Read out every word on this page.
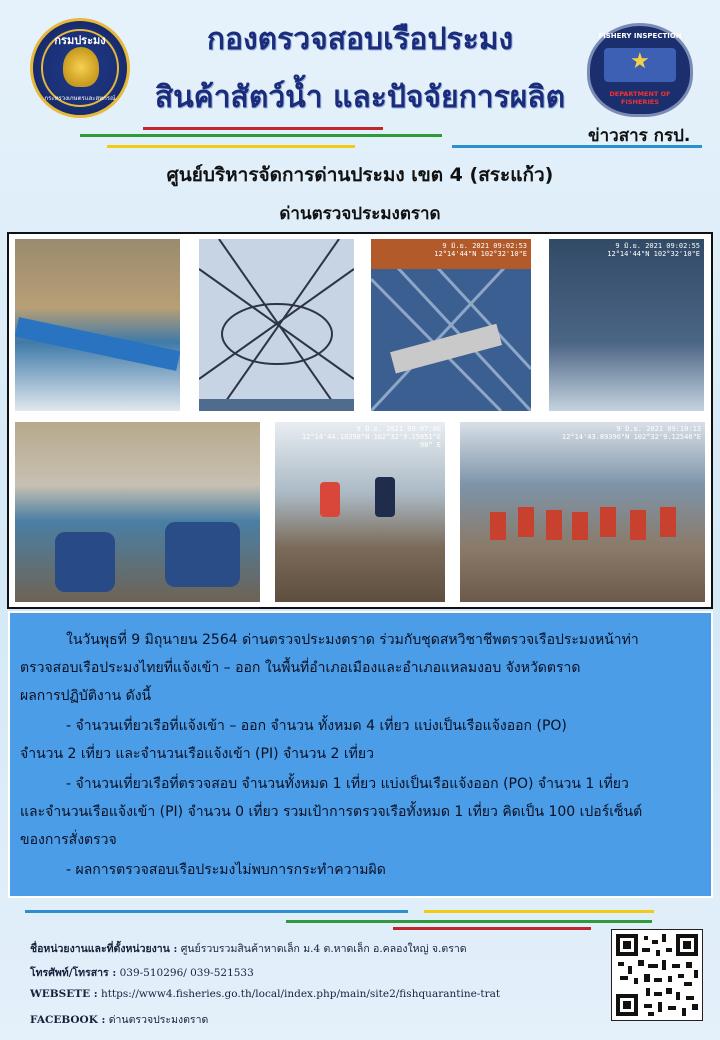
กรมประมง
กระทรวงเกษตรและสหกรณ์
FISHERY INSPECTION
★
DEPARTMENT OF FISHERIES
กองตรวจสอบเรือประมง
สินค้าสัตว์น้ำ และปัจจัยการผลิต
ข่าวสาร กรป.
ศูนย์บริหารจัดการด่านประมง เขต 4 (สระแก้ว)
ด่านตรวจประมงตราด
9 มิ.ย. 2021 09:02:53
12°14'44"N 102°32'10"E
9 มิ.ย. 2021 09:02:55
12°14'44"N 102°32'10"E
9 มิ.ย. 2021 09:07:06
12°14'44.10398"N 102°32'9.15051"E
90° E
9 มิ.ย. 2021 09:10:13
12°14'43.89396"N 102°32'9.12546"E

ในวันพุธที่ 9 มิถุนายน 2564 ด่านตรวจประมงตราด ร่วมกับชุดสหวิชาชีพตรวจเรือประมงหน้าท่า

ตรวจสอบเรือประมงไทยที่แจ้งเข้า – ออก ในพื้นที่อำเภอเมืองและอำเภอแหลมงอบ จังหวัดตราด

ผลการปฏิบัติงาน ดังนี้

- จำนวนเที่ยวเรือที่แจ้งเข้า – ออก จำนวน ทั้งหมด 4 เที่ยว แบ่งเป็นเรือแจ้งออก (PO)

จำนวน 2 เที่ยว และจำนวนเรือแจ้งเข้า (PI) จำนวน 2 เที่ยว

- จำนวนเที่ยวเรือที่ตรวจสอบ จำนวนทั้งหมด 1 เที่ยว แบ่งเป็นเรือแจ้งออก (PO) จำนวน 1 เที่ยว

และจำนวนเรือแจ้งเข้า (PI) จำนวน 0 เที่ยว รวมเป้าการตรวจเรือทั้งหมด 1 เที่ยว คิดเป็น 100 เปอร์เซ็นต์

ของการสั่งตรวจ

- ผลการตรวจสอบเรือประมงไม่พบการกระทำความผิด

ชื่อหน่วยงานและที่ตั้งหน่วยงาน : ศูนย์รวบรวมสินค้าหาดเล็ก ม.4 ต.หาดเล็ก อ.คลองใหญ่ จ.ตราด

โทรศัพท์/โทรสาร : 039-510296/ 039-521533

WEBSETE : https://www4.fisheries.go.th/local/index.php/main/site2/fishquarantine-trat

FACEBOOK : ด่านตรวจประมงตราด
